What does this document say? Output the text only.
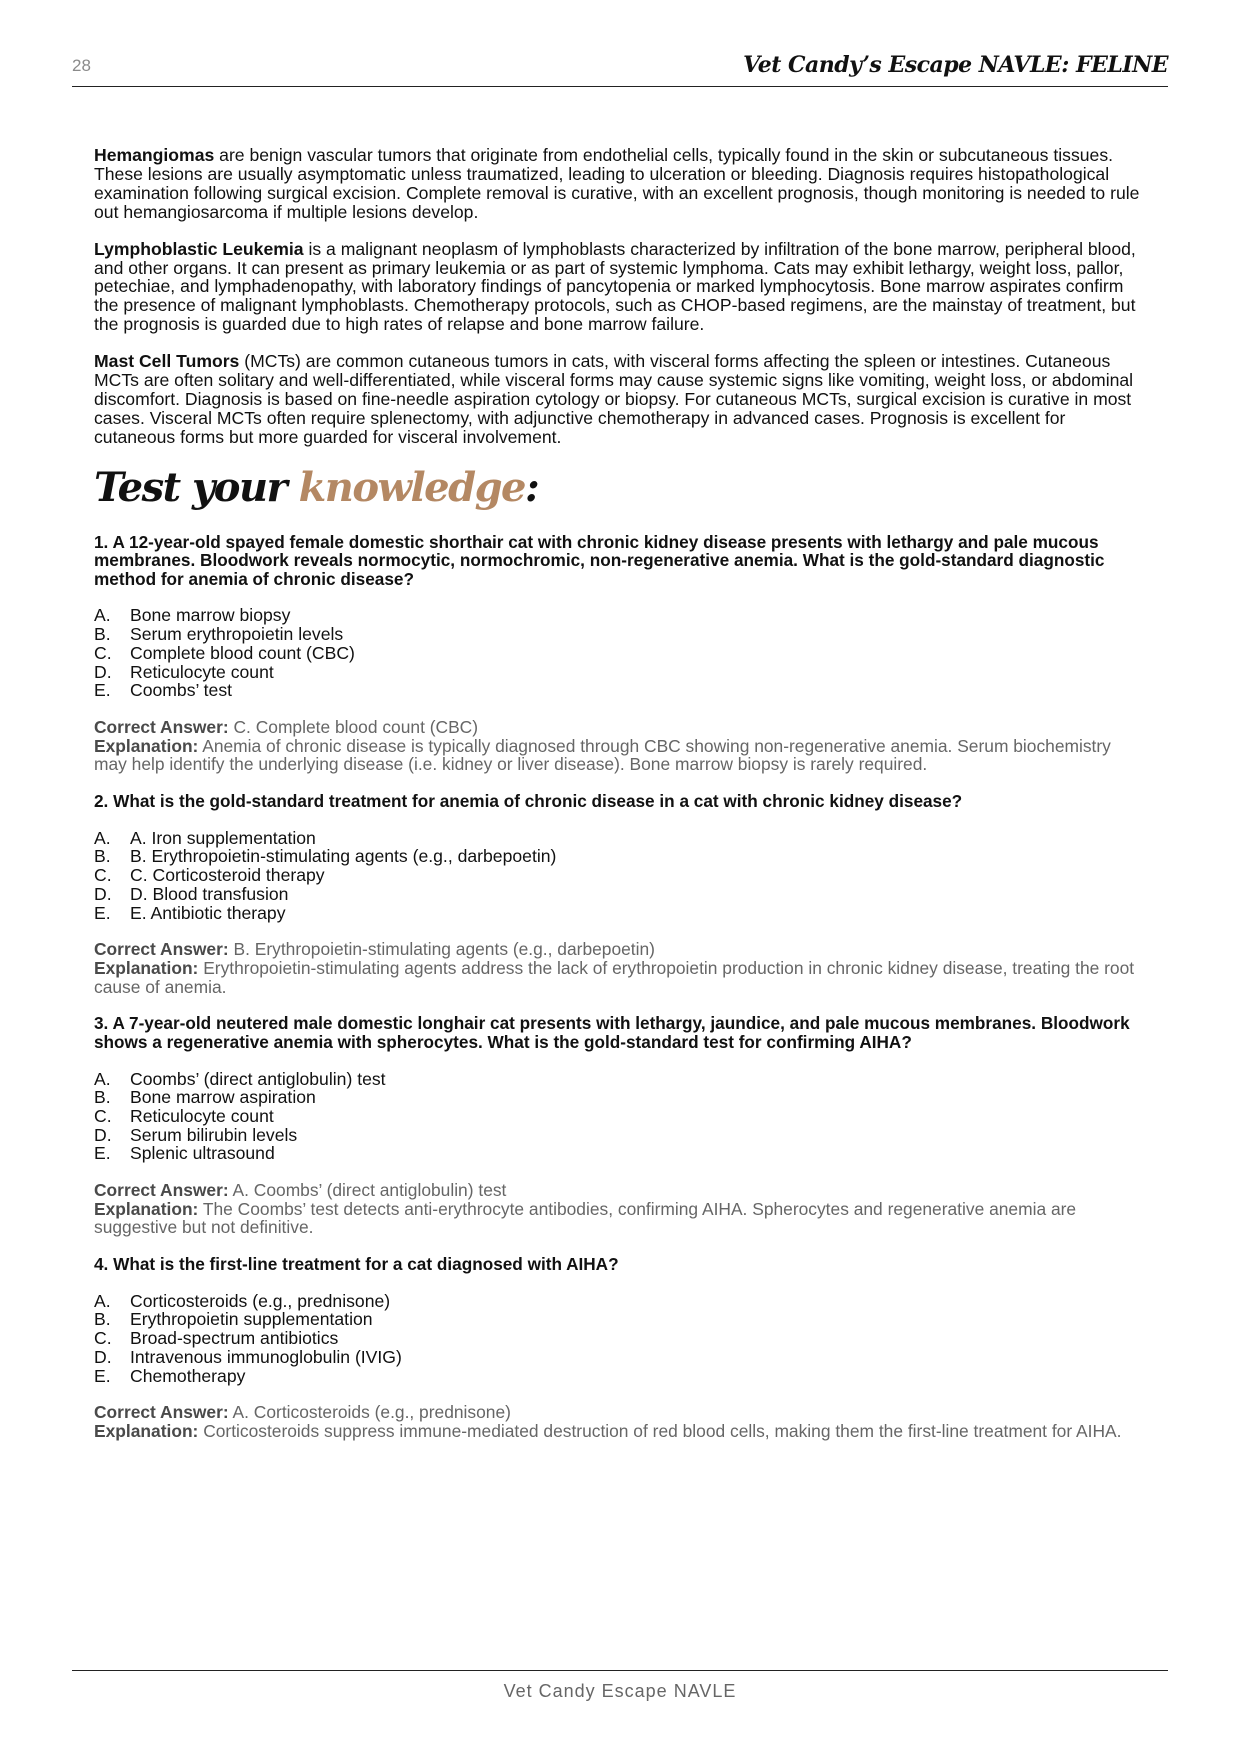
28	Vet Candy’s Escape NAVLE: FELINE

Hemangiomas are benign vascular tumors that originate from endothelial cells, typically found in the skin or subcutaneous tissues. These lesions are usually asymptomatic unless traumatized, leading to ulceration or bleeding. Diagnosis requires histopathological examination following surgical excision. Complete removal is curative, with an excellent prognosis, though monitoring is needed to rule out hemangiosarcoma if multiple lesions develop.

Lymphoblastic Leukemia is a malignant neoplasm of lymphoblasts characterized by infiltration of the bone marrow, peripheral blood, and other organs. It can present as primary leukemia or as part of systemic lymphoma. Cats may exhibit lethargy, weight loss, pallor, petechiae, and lymphadenopathy, with laboratory findings of pancytopenia or marked lymphocytosis. Bone marrow aspirates confirm the presence of malignant lymphoblasts. Chemotherapy protocols, such as CHOP-based regimens, are the mainstay of treatment, but the prognosis is guarded due to high rates of relapse and bone marrow failure.

Mast Cell Tumors (MCTs) are common cutaneous tumors in cats, with visceral forms affecting the spleen or intestines. Cutaneous MCTs are often solitary and well-differentiated, while visceral forms may cause systemic signs like vomiting, weight loss, or abdominal discomfort. Diagnosis is based on fine-needle aspiration cytology or biopsy. For cutaneous MCTs, surgical excision is curative in most cases. Visceral MCTs often require splenectomy, with adjunctive chemotherapy in advanced cases. Prognosis is excellent for cutaneous forms but more guarded for visceral involvement.

Test your knowledge:

1. A 12-year-old spayed female domestic shorthair cat with chronic kidney disease presents with lethargy and pale mucous membranes. Bloodwork reveals normocytic, normochromic, non-regenerative anemia. What is the gold-standard diagnostic method for anemia of chronic disease?

A.	Bone marrow biopsy
B.	Serum erythropoietin levels
C.	Complete blood count (CBC)
D.	Reticulocyte count
E.	Coombs’ test

Correct Answer: C. Complete blood count (CBC)
Explanation: Anemia of chronic disease is typically diagnosed through CBC showing non-regenerative anemia. Serum biochemistry may help identify the underlying disease (i.e. kidney or liver disease). Bone marrow biopsy is rarely required.

2. What is the gold-standard treatment for anemia of chronic disease in a cat with chronic kidney disease?

A.	A. Iron supplementation
B.	B. Erythropoietin-stimulating agents (e.g., darbepoetin)
C.	C. Corticosteroid therapy
D.	D. Blood transfusion
E.	E. Antibiotic therapy

Correct Answer: B. Erythropoietin-stimulating agents (e.g., darbepoetin)
Explanation: Erythropoietin-stimulating agents address the lack of erythropoietin production in chronic kidney disease, treating the root cause of anemia.

3. A 7-year-old neutered male domestic longhair cat presents with lethargy, jaundice, and pale mucous membranes. Bloodwork shows a regenerative anemia with spherocytes. What is the gold-standard test for confirming AIHA?

A.	Coombs’ (direct antiglobulin) test
B.	Bone marrow aspiration
C.	Reticulocyte count
D.	Serum bilirubin levels
E.	Splenic ultrasound

Correct Answer: A. Coombs’ (direct antiglobulin) test
Explanation: The Coombs’ test detects anti-erythrocyte antibodies, confirming AIHA. Spherocytes and regenerative anemia are suggestive but not definitive.

4. What is the first-line treatment for a cat diagnosed with AIHA?

A.	Corticosteroids (e.g., prednisone)
B.	Erythropoietin supplementation
C.	Broad-spectrum antibiotics
D.	Intravenous immunoglobulin (IVIG)
E.	Chemotherapy

Correct Answer: A. Corticosteroids (e.g., prednisone)
Explanation: Corticosteroids suppress immune-mediated destruction of red blood cells, making them the first-line treatment for AIHA.

Vet Candy Escape NAVLE
